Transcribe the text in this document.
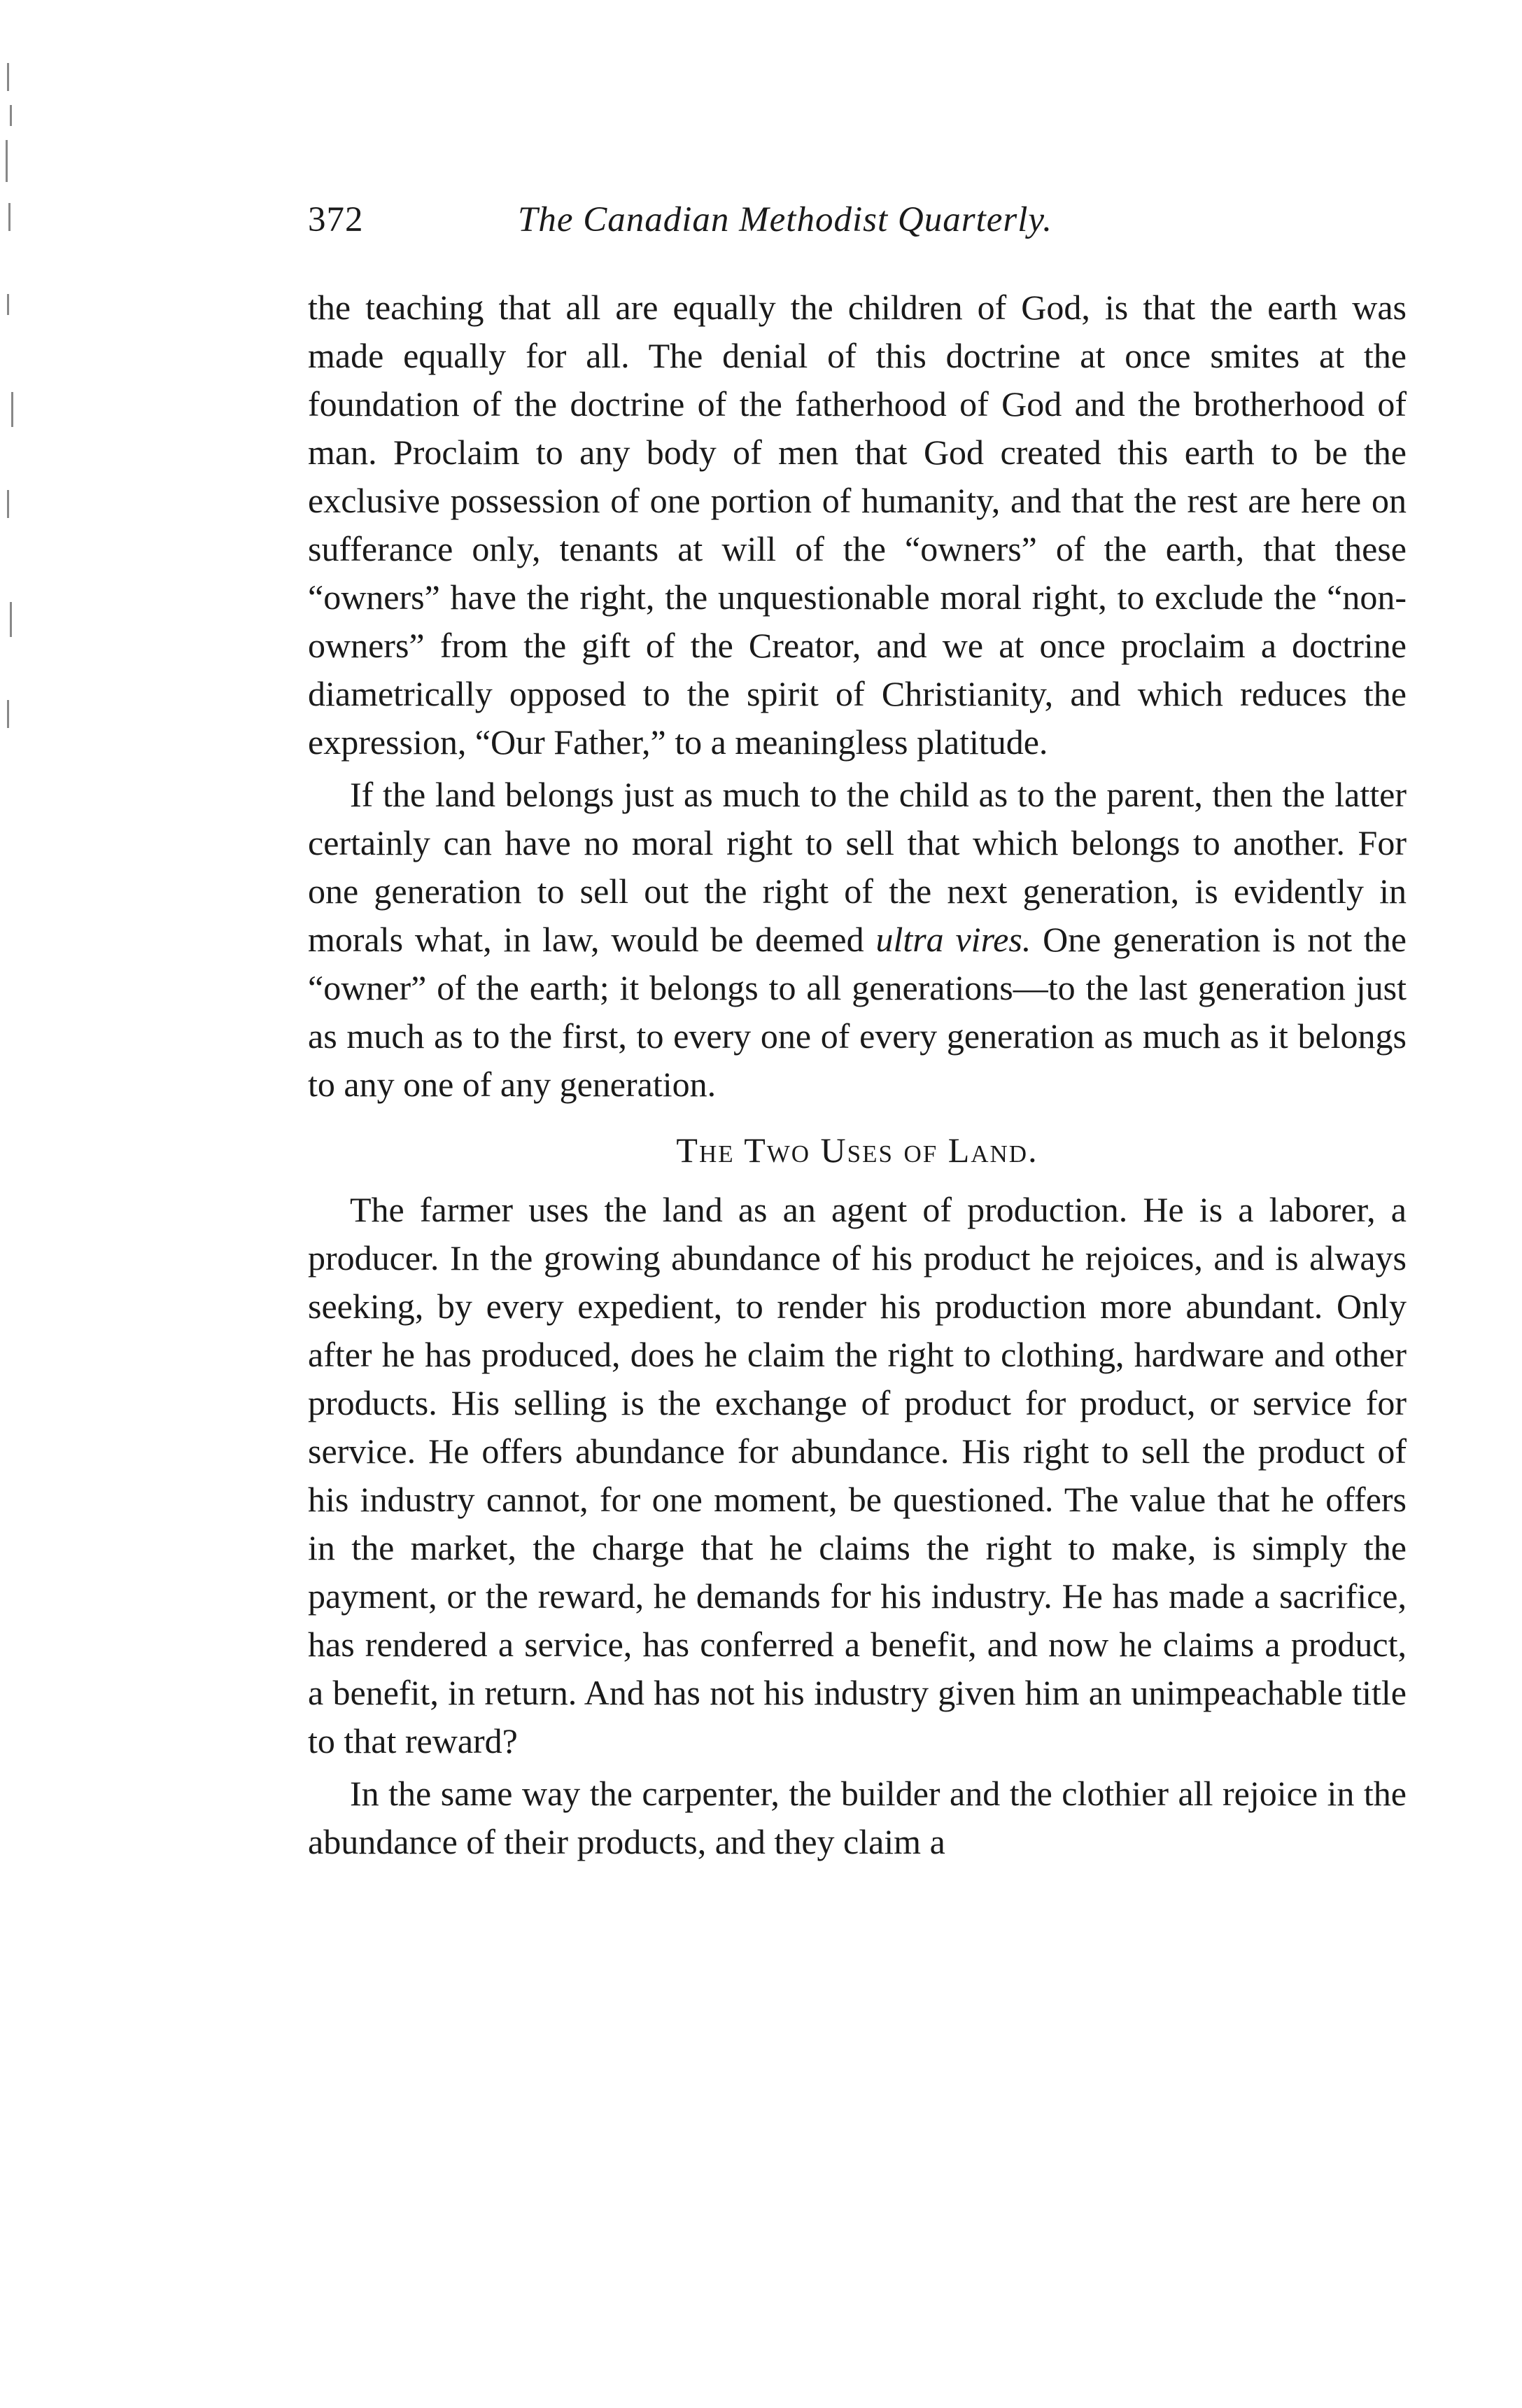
372	The Canadian Methodist Quarterly.

the teaching that all are equally the children of God, is that the earth was made equally for all. The denial of this doctrine at once smites at the foundation of the doctrine of the fatherhood of God and the brotherhood of man. Proclaim to any body of men that God created this earth to be the exclusive possession of one portion of humanity, and that the rest are here on sufferance only, tenants at will of the “owners” of the earth, that these “owners” have the right, the unquestionable moral right, to exclude the “non-owners” from the gift of the Creator, and we at once proclaim a doctrine diametrically opposed to the spirit of Christianity, and which reduces the expression, “Our Father,” to a meaningless platitude.

If the land belongs just as much to the child as to the parent, then the latter certainly can have no moral right to sell that which belongs to another. For one generation to sell out the right of the next generation, is evidently in morals what, in law, would be deemed ultra vires. One generation is not the “owner” of the earth; it belongs to all generations—to the last generation just as much as to the first, to every one of every generation as much as it belongs to any one of any generation.

The Two Uses of Land.

The farmer uses the land as an agent of production. He is a laborer, a producer. In the growing abundance of his product he rejoices, and is always seeking, by every expedient, to render his production more abundant. Only after he has produced, does he claim the right to clothing, hardware and other products. His selling is the exchange of product for product, or service for service. He offers abundance for abundance. His right to sell the product of his industry cannot, for one moment, be questioned. The value that he offers in the market, the charge that he claims the right to make, is simply the payment, or the reward, he demands for his industry. He has made a sacrifice, has rendered a service, has conferred a benefit, and now he claims a product, a benefit, in return. And has not his industry given him an unimpeachable title to that reward?

In the same way the carpenter, the builder and the clothier all rejoice in the abundance of their products, and they claim a
